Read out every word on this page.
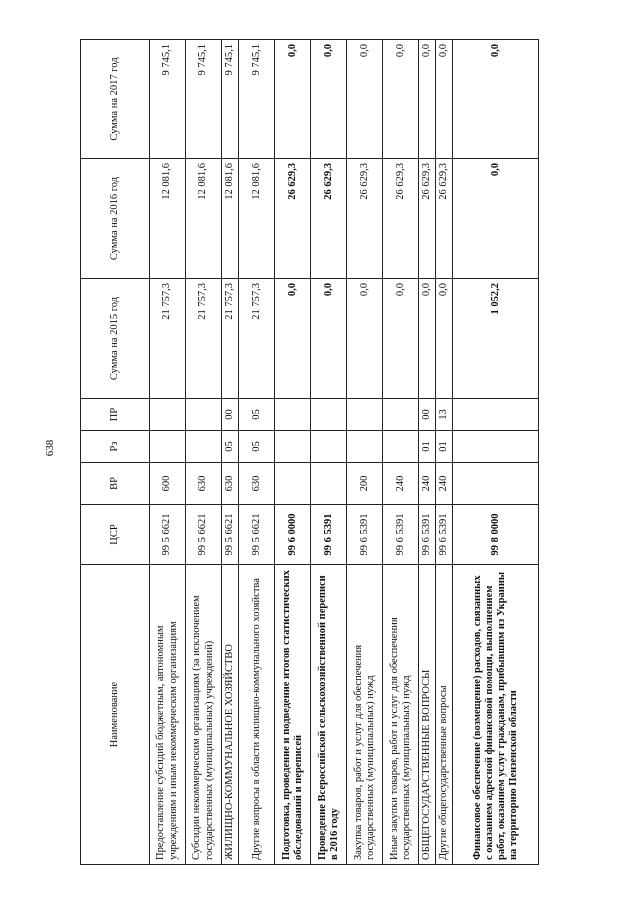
638
Наименование	ЦСР	ВР	Рз	ПР	Сумма на 2015 год	Сумма на 2016 год	Сумма на 2017 год
Предоставление субсидий бюджетным, автономным учреждениям и иным некоммерческим организациям	99 5 6621	600			21 757,3	12 081,6	9 745,1
Субсидии некоммерческим организациям (за исключением государственных (муниципальных) учреждений)	99 5 6621	630			21 757,3	12 081,6	9 745,1
ЖИЛИЩНО-КОММУНАЛЬНОЕ ХОЗЯЙСТВО	99 5 6621	630	05	00	21 757,3	12 081,6	9 745,1
Другие вопросы в области жилищно-коммунального хозяйства	99 5 6621	630	05	05	21 757,3	12 081,6	9 745,1
Подготовка, проведение и подведение итогов статистических обследований и переписей	99 6 0000				0,0	26 629,3	0,0
Проведение Всероссийской сельскохозяйственной переписи в 2016 году	99 6 5391				0,0	26 629,3	0,0
Закупка товаров, работ и услуг для обеспечения государственных (муниципальных) нужд	99 6 5391	200			0,0	26 629,3	0,0
Иные закупки товаров, работ и услуг для обеспечения государственных (муниципальных) нужд	99 6 5391	240			0,0	26 629,3	0,0
ОБЩЕГОСУДАРСТВЕННЫЕ ВОПРОСЫ	99 6 5391	240	01	00	0,0	26 629,3	0,0
Другие общегосударственные вопросы	99 6 5391	240	01	13	0,0	26 629,3	0,0
Финансовое обеспечение (возмещение) расходов, связанных с оказанием адресной финансовой помощи, выполнением работ, оказанием услуг гражданам, прибывшим из Украины на территорию Пензенской области	99 8 0000				1 052,2	0,0	0,0
